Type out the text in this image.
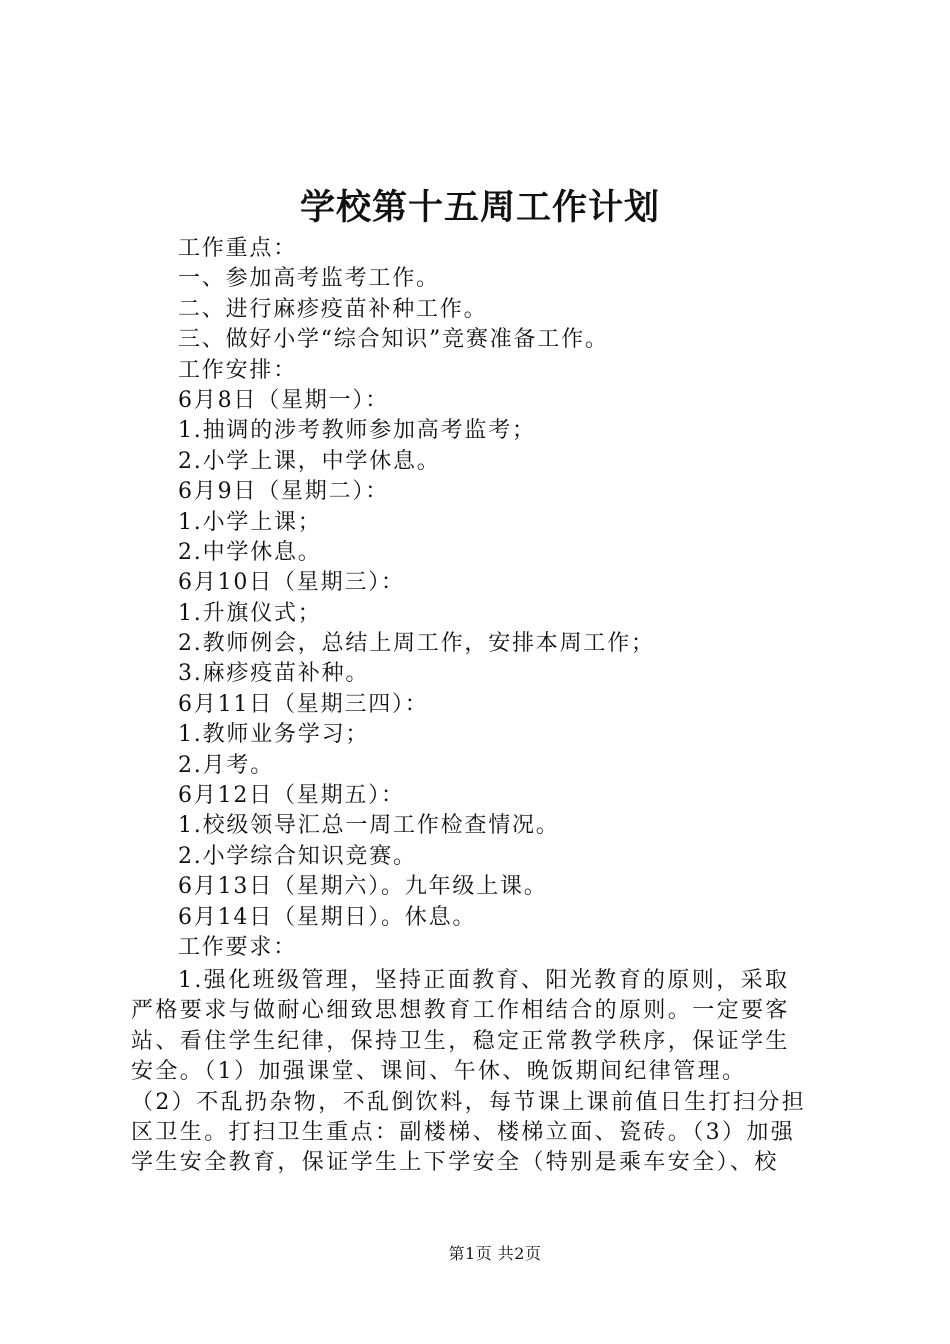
学校第十五周工作计划
工作重点：
一、参加高考监考工作。
二、进行麻疹疫苗补种工作。
三、做好小学“综合知识”竞赛准备工作。
工作安排：
6月8日（星期一）：
1.抽调的涉考教师参加高考监考；
2.小学上课，中学休息。
6月9日（星期二）：
1.小学上课；
2.中学休息。
6月10日（星期三）：
1.升旗仪式；
2.教师例会，总结上周工作，安排本周工作；
3.麻疹疫苗补种。
6月11日（星期三四）：
1.教师业务学习；
2.月考。
6月12日（星期五）：
1.校级领导汇总一周工作检查情况。
2.小学综合知识竞赛。
6月13日（星期六）。九年级上课。
6月14日（星期日）。休息。
工作要求：
1.强化班级管理，坚持正面教育、阳光教育的原则，采取
严格要求与做耐心细致思想教育工作相结合的原则。一定要客
站、看住学生纪律，保持卫生，稳定正常教学秩序，保证学生
安全。（1）加强课堂、课间、午休、晚饭期间纪律管理。
（2）不乱扔杂物，不乱倒饮料，每节课上课前值日生打扫分担
区卫生。打扫卫生重点：副楼梯、楼梯立面、瓷砖。（3）加强
学生安全教育，保证学生上下学安全（特别是乘车安全）、校
第1页 共2页
